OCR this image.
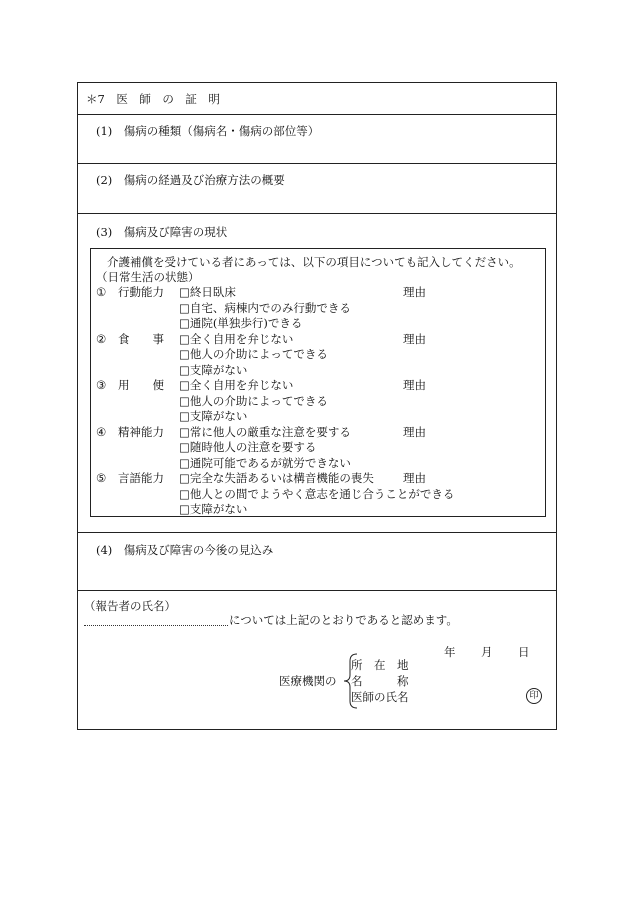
＊7　医　師　の　証　明
(1)　傷病の種類（傷病名・傷病の部位等）
(2)　傷病の経過及び治療方法の概要
(3)　傷病及び障害の現状
介護補償を受けている者にあっては、以下の項目についても記入してください。
（日常生活の状態）
① 行動能力	理由
□終日臥床
□自宅、病棟内でのみ行動できる
□通院(単独歩行)できる
② 食　　事	理由
□全く自用を弁じない
□他人の介助によってできる
□支障がない
③ 用　　便	理由
□全く自用を弁じない
□他人の介助によってできる
□支障がない
④ 精神能力	理由
□常に他人の厳重な注意を要する
□随時他人の注意を要する
□通院可能であるが就労できない
⑤ 言語能力	理由
□完全な失語あるいは構音機能の喪失
□他人との間でようやく意志を通じ合うことができる
□支障がない
(4)　傷病及び障害の今後の見込み
（報告者の氏名）
については上記のとおりであると認めます。
年 月 日
医療機関の
所　在　地
名　　　称
医師の氏名	印
